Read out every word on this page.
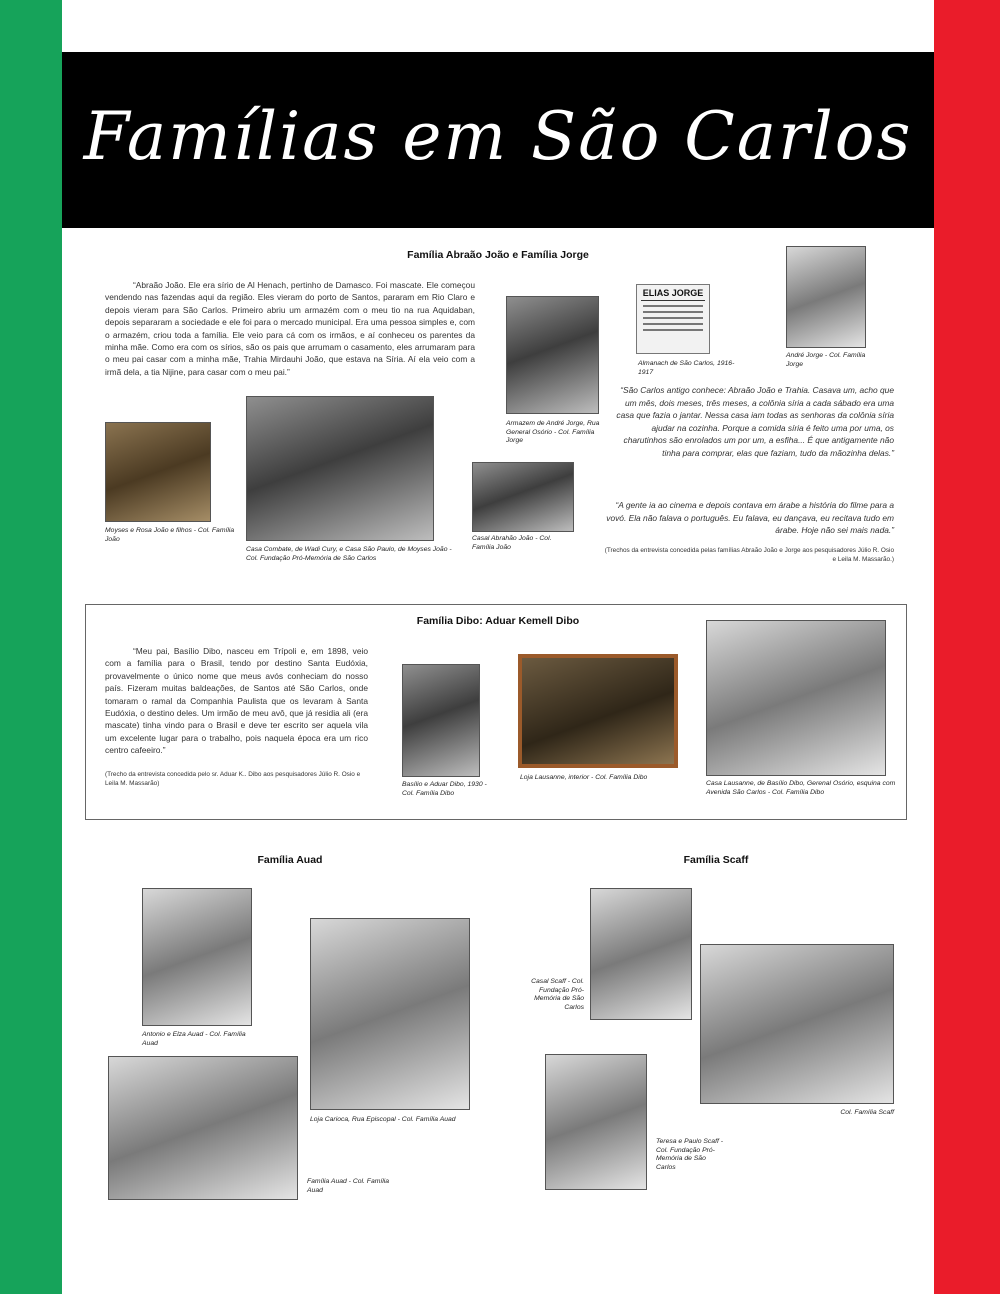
Famílias em São Carlos
Família Abraão João e Família Jorge
“Abraão João. Ele era sírio de Al Henach, pertinho de Damasco. Foi mascate. Ele começou vendendo nas fazendas aqui da região. Eles vieram do porto de Santos, pararam em Rio Claro e depois vieram para São Carlos. Primeiro abriu um armazém com o meu tio na rua Aquidaban, depois separaram a sociedade e ele foi para o mercado municipal. Era uma pessoa simples e, com o armazém, criou toda a família. Ele veio para cá com os irmãos, e aí conheceu os parentes da minha mãe. Como era com os sírios, são os pais que arrumam o casamento, eles arrumaram para o meu pai casar com a minha mãe, Trahia Mirdauhi João, que estava na Síria. Aí ela veio com a irmã dela, a tia Nijine, para casar com o meu pai.”
Moyses e Rosa João e filhos - Col. Família João
Casa Combate, de Wadi Cury, e Casa São Paulo, de Moyses João - Col. Fundação Pró-Memória de São Carlos
Armazem de André Jorge, Rua General Osório - Col. Família Jorge
Casal Abrahão João - Col. Família João
ELIAS JORGE
Almanach de São Carlos, 1916-1917
André Jorge - Col. Família Jorge
“São Carlos antigo conhece: Abraão João e Trahia. Casava um, acho que um mês, dois meses, três meses, a colônia síria a cada sábado era uma casa que fazia o jantar. Nessa casa iam todas as senhoras da colônia síria ajudar na cozinha. Porque a comida síria é feito uma por uma, os charutinhos são enrolados um por um, a esfiha... É que antigamente não tinha para comprar, elas que faziam, tudo da mãozinha delas.”
“A gente ia ao cinema e depois contava em árabe a história do filme para a vovó. Ela não falava o português. Eu falava, eu dançava, eu recitava tudo em árabe. Hoje não sei mais nada.”
(Trechos da entrevista concedida pelas famílias Abraão João e Jorge aos pesquisadores Júlio R. Osio e Leila M. Massarão.)
Família Dibo: Aduar Kemell Dibo
“Meu pai, Basílio Dibo, nasceu em Trípoli e, em 1898, veio com a família para o Brasil, tendo por destino Santa Eudóxia, provavelmente o único nome que meus avós conheciam do nosso país. Fizeram muitas baldeações, de Santos até São Carlos, onde tomaram o ramal da Companhia Paulista que os levaram à Santa Eudóxia, o destino deles. Um irmão de meu avô, que já residia ali (era mascate) tinha vindo para o Brasil e deve ter escrito ser aquela vila um excelente lugar para o trabalho, pois naquela época era um rico centro cafeeiro.”
(Trecho da entrevista concedida pelo sr. Aduar K.. Dibo aos pesquisadores Júlio R. Osio e Leila M. Massarão)	Basílio e Aduar Dibo, 1930 - Col. Família Dibo
Loja Lausanne, interior - Col. Família Dibo
Casa Lausanne, de Basílio Dibo, Gerenal Osório, esquina com Avenida São Carlos - Col. Família Dibo
Família Auad
Antonio e Elza Auad - Col. Família Auad
Loja Carioca, Rua Episcopal - Col. Família Auad
Família Auad - Col. Família Auad
Família Scaff
Casal Scaff - Col. Fundação Pró-Memória de São Carlos
Col. Família Scaff
Teresa e Paulo Scaff - Col. Fundação Pró-Memória de São Carlos
